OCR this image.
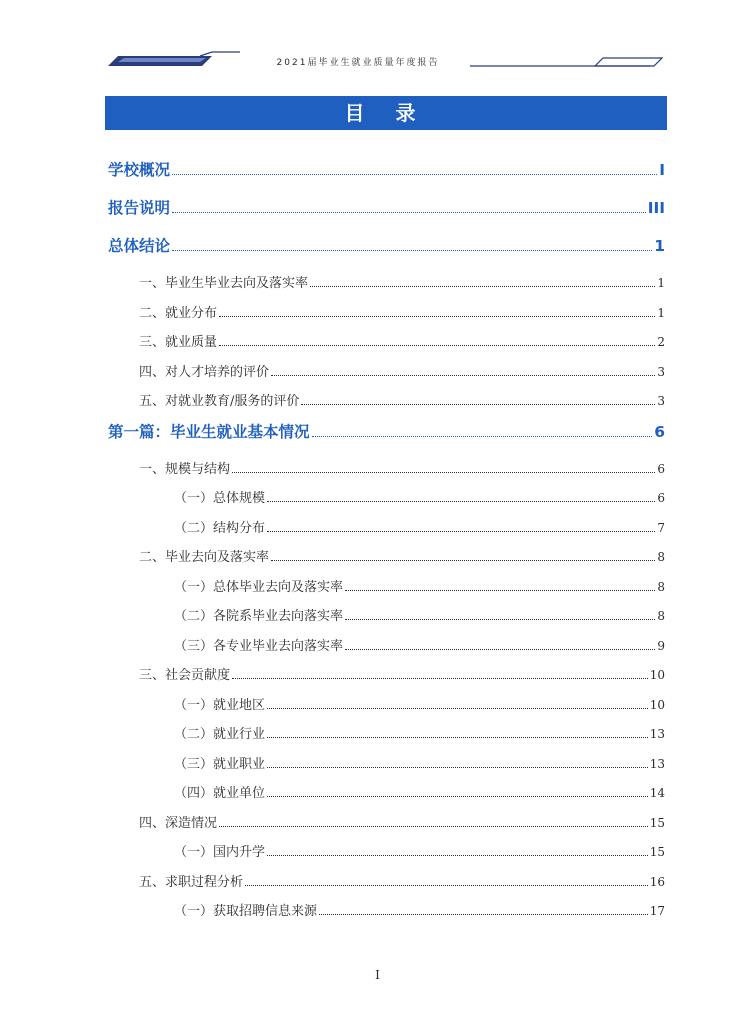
2021届毕业生就业质量年度报告
目 录
学校概况	I
报告说明	III
总体结论	1
一、毕业生毕业去向及落实率	1
二、就业分布	1
三、就业质量	2
四、对人才培养的评价	3
五、对就业教育/服务的评价	3
第一篇：毕业生就业基本情况	6
一、规模与结构	6
（一）总体规模	6
（二）结构分布	7
二、毕业去向及落实率	8
（一）总体毕业去向及落实率	8
（二）各院系毕业去向落实率	8
（三）各专业毕业去向落实率	9
三、社会贡献度	10
（一）就业地区	10
（二）就业行业	13
（三）就业职业	13
（四）就业单位	14
四、深造情况	15
（一）国内升学	15
五、求职过程分析	16
（一）获取招聘信息来源	17
I
